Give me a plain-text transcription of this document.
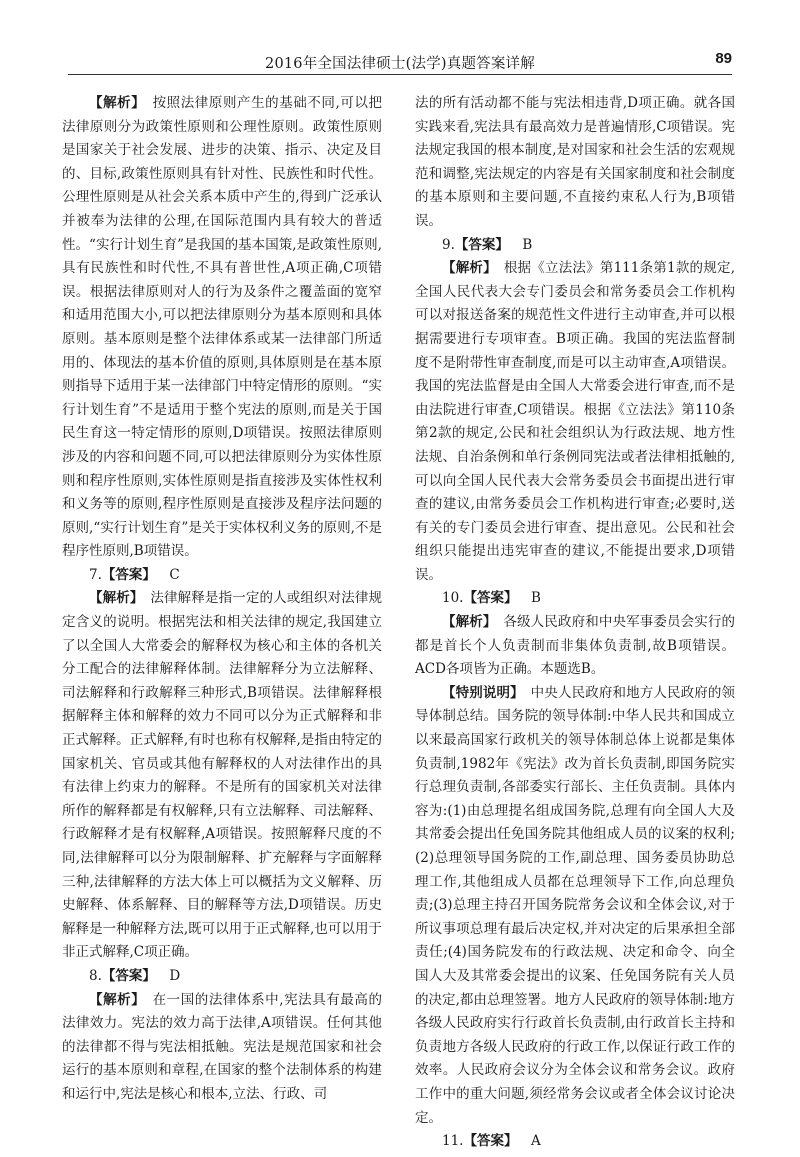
2016年全国法律硕士(法学)真题答案详解	89

【解析】 按照法律原则产生的基础不同,可以把法律原则分为政策性原则和公理性原则。政策性原则是国家关于社会发展、进步的决策、指示、决定及目的、目标,政策性原则具有针对性、民族性和时代性。公理性原则是从社会关系本质中产生的,得到广泛承认并被奉为法律的公理,在国际范围内具有较大的普适性。“实行计划生育”是我国的基本国策,是政策性原则,具有民族性和时代性,不具有普世性,A项正确,C项错误。根据法律原则对人的行为及条件之覆盖面的宽窄和适用范围大小,可以把法律原则分为基本原则和具体原则。基本原则是整个法律体系或某一法律部门所适用的、体现法的基本价值的原则,具体原则是在基本原则指导下适用于某一法律部门中特定情形的原则。“实行计划生育”不是适用于整个宪法的原则,而是关于国民生育这一特定情形的原则,D项错误。按照法律原则涉及的内容和问题不同,可以把法律原则分为实体性原则和程序性原则,实体性原则是指直接涉及实体性权利和义务等的原则,程序性原则是直接涉及程序法问题的原则,“实行计划生育”是关于实体权利义务的原则,不是程序性原则,B项错误。

7.【答案】 C

【解析】 法律解释是指一定的人或组织对法律规定含义的说明。根据宪法和相关法律的规定,我国建立了以全国人大常委会的解释权为核心和主体的各机关分工配合的法律解释体制。法律解释分为立法解释、司法解释和行政解释三种形式,B项错误。法律解释根据解释主体和解释的效力不同可以分为正式解释和非正式解释。正式解释,有时也称有权解释,是指由特定的国家机关、官员或其他有解释权的人对法律作出的具有法律上约束力的解释。不是所有的国家机关对法律所作的解释都是有权解释,只有立法解释、司法解释、行政解释才是有权解释,A项错误。按照解释尺度的不同,法律解释可以分为限制解释、扩充解释与字面解释三种,法律解释的方法大体上可以概括为文义解释、历史解释、体系解释、目的解释等方法,D项错误。历史解释是一种解释方法,既可以用于正式解释,也可以用于非正式解释,C项正确。

8.【答案】 D

【解析】 在一国的法律体系中,宪法具有最高的法律效力。宪法的效力高于法律,A项错误。任何其他的法律都不得与宪法相抵触。宪法是规范国家和社会运行的基本原则和章程,在国家的整个法制体系的构建和运行中,宪法是核心和根本,立法、行政、司

法的所有活动都不能与宪法相违背,D项正确。就各国实践来看,宪法具有最高效力是普遍情形,C项错误。宪法规定我国的根本制度,是对国家和社会生活的宏观规范和调整,宪法规定的内容是有关国家制度和社会制度的基本原则和主要问题,不直接约束私人行为,B项错误。

9.【答案】 B

【解析】 根据《立法法》第111条第1款的规定,全国人民代表大会专门委员会和常务委员会工作机构可以对报送备案的规范性文件进行主动审查,并可以根据需要进行专项审查。B项正确。我国的宪法监督制度不是附带性审查制度,而是可以主动审查,A项错误。我国的宪法监督是由全国人大常委会进行审查,而不是由法院进行审查,C项错误。根据《立法法》第110条第2款的规定,公民和社会组织认为行政法规、地方性法规、自治条例和单行条例同宪法或者法律相抵触的,可以向全国人民代表大会常务委员会书面提出进行审查的建议,由常务委员会工作机构进行审查;必要时,送有关的专门委员会进行审查、提出意见。公民和社会组织只能提出违宪审查的建议,不能提出要求,D项错误。

10.【答案】 B

【解析】 各级人民政府和中央军事委员会实行的都是首长个人负责制而非集体负责制,故B项错误。ACD各项皆为正确。本题选B。

【特别说明】 中央人民政府和地方人民政府的领导体制总结。国务院的领导体制:中华人民共和国成立以来最高国家行政机关的领导体制总体上说都是集体负责制,1982年《宪法》改为首长负责制,即国务院实行总理负责制,各部委实行部长、主任负责制。具体内容为:(1)由总理提名组成国务院,总理有向全国人大及其常委会提出任免国务院其他组成人员的议案的权利;(2)总理领导国务院的工作,副总理、国务委员协助总理工作,其他组成人员都在总理领导下工作,向总理负责;(3)总理主持召开国务院常务会议和全体会议,对于所议事项总理有最后决定权,并对决定的后果承担全部责任;(4)国务院发布的行政法规、决定和命令、向全国人大及其常委会提出的议案、任免国务院有关人员的决定,都由总理签署。地方人民政府的领导体制:地方各级人民政府实行行政首长负责制,由行政首长主持和负责地方各级人民政府的行政工作,以保证行政工作的效率。人民政府会议分为全体会议和常务会议。政府工作中的重大问题,须经常务会议或者全体会议讨论决定。

11.【答案】 A
